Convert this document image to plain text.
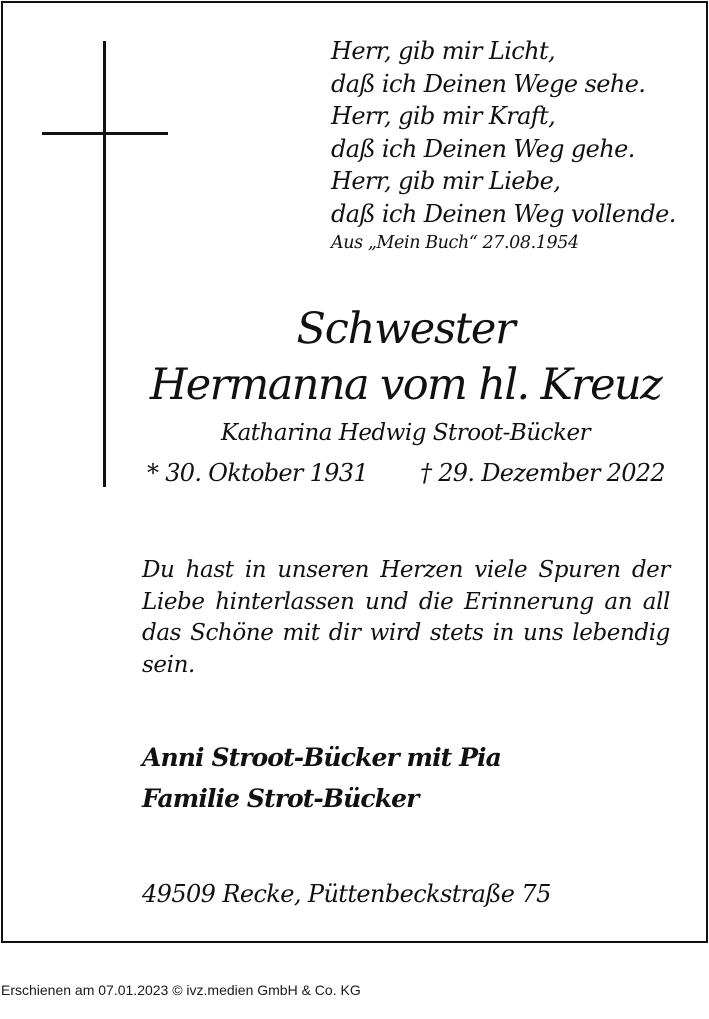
Herr, gib mir Licht,
daß ich Deinen Wege sehe.
Herr, gib mir Kraft,
daß ich Deinen Weg gehe.
Herr, gib mir Liebe,
daß ich Deinen Weg vollende.
Aus „Mein Buch“ 27.08.1954
Schwester
Hermanna vom hl. Kreuz
Katharina Hedwig Stroot-Bücker
* 30. Oktober 1931 † 29. Dezember 2022
Du hast in unseren Herzen viele Spuren der
Liebe hinterlassen und die Erinnerung an all
das Schöne mit dir wird stets in uns lebendig
sein.
Anni Stroot-Bücker mit Pia
Familie Strot-Bücker
49509 Recke, Püttenbeckstraße 75
Erschienen am 07.01.2023 © ivz.medien GmbH & Co. KG
